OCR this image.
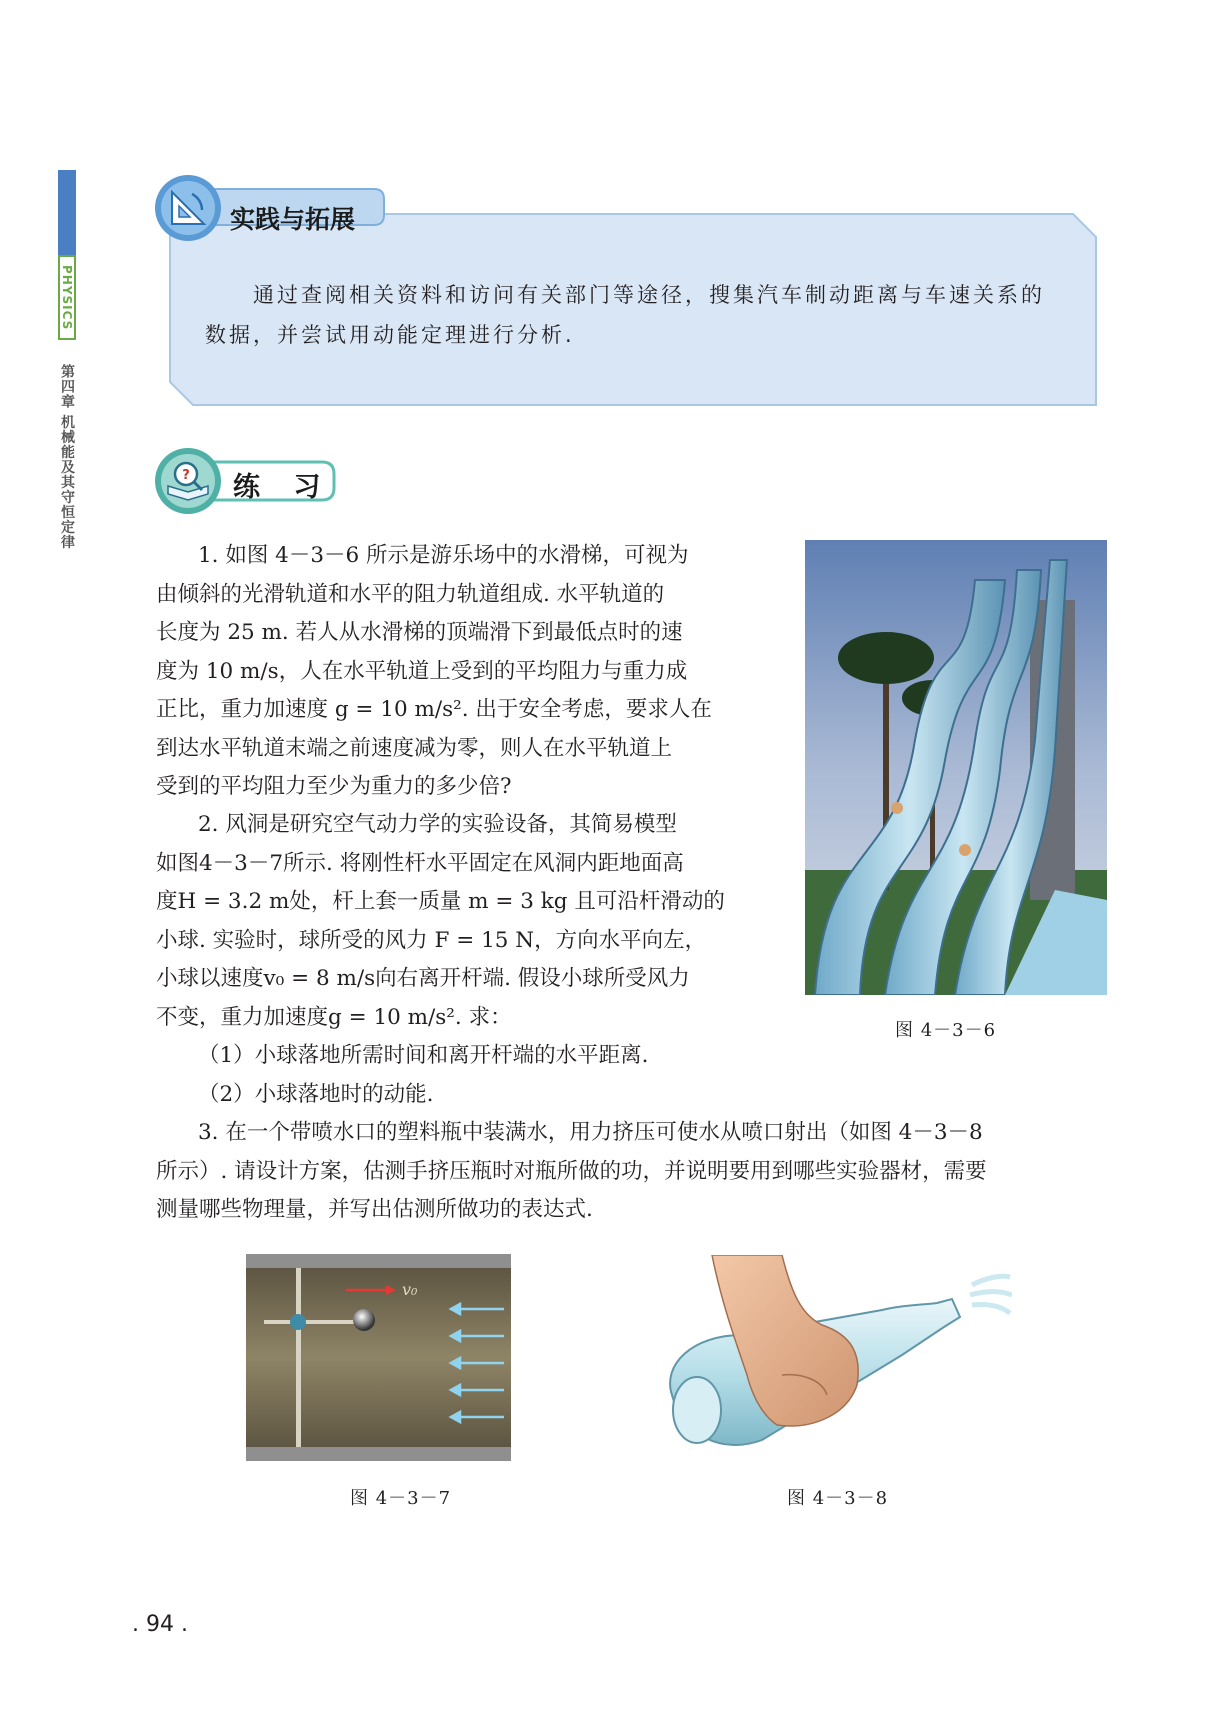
PHYSICS
第四章 机械能及其守恒定律
实践与拓展

通过查阅相关资料和访问有关部门等途径，搜集汽车制动距离与车速关系的

数据，并尝试用动能定理进行分析.

? 练 习

1. 如图 4－3－6 所示是游乐场中的水滑梯，可视为

由倾斜的光滑轨道和水平的阻力轨道组成. 水平轨道的

长度为 25 m. 若人从水滑梯的顶端滑下到最低点时的速

度为 10 m/s，人在水平轨道上受到的平均阻力与重力成

正比，重力加速度 g = 10 m/s². 出于安全考虑，要求人在

到达水平轨道末端之前速度减为零，则人在水平轨道上

受到的平均阻力至少为重力的多少倍?

2. 风洞是研究空气动力学的实验设备，其简易模型

如图4－3－7所示. 将刚性杆水平固定在风洞内距地面高

度H = 3.2 m处，杆上套一质量 m = 3 kg 且可沿杆滑动的

小球. 实验时，球所受的风力 F = 15 N，方向水平向左，

小球以速度v₀ = 8 m/s向右离开杆端. 假设小球所受风力

不变，重力加速度g = 10 m/s². 求：

（1）小球落地所需时间和离开杆端的水平距离.

（2）小球落地时的动能.

3. 在一个带喷水口的塑料瓶中装满水，用力挤压可使水从喷口射出（如图 4－3－8

所示）. 请设计方案，估测手挤压瓶时对瓶所做的功，并说明要用到哪些实验器材，需要

测量哪些物理量，并写出估测所做功的表达式.

图 4－3－6
v₀
图 4－3－7	图 4－3－8
. 94 .
